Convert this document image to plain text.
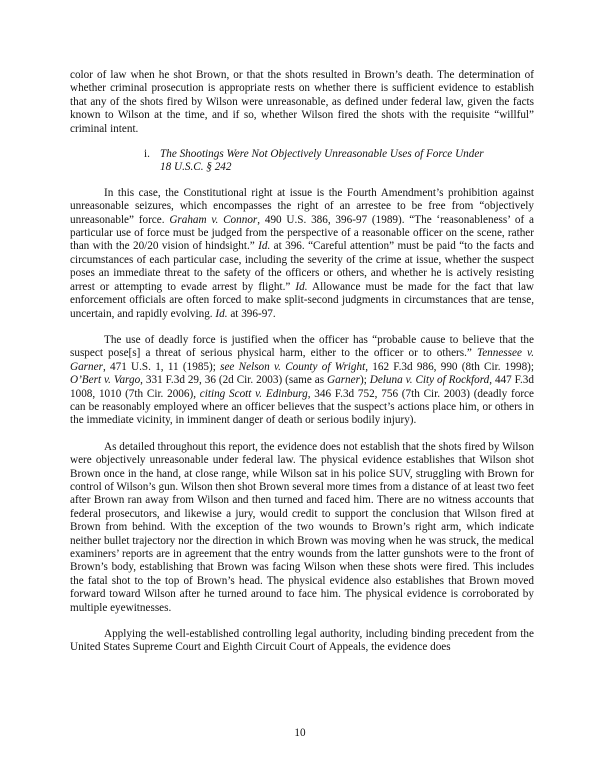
color of law when he shot Brown, or that the shots resulted in Brown’s death. The determination of whether criminal prosecution is appropriate rests on whether there is sufficient evidence to establish that any of the shots fired by Wilson were unreasonable, as defined under federal law, given the facts known to Wilson at the time, and if so, whether Wilson fired the shots with the requisite “willful” criminal intent.

i. The Shootings Were Not Objectively Unreasonable Uses of Force Under 18 U.S.C. § 242

In this case, the Constitutional right at issue is the Fourth Amendment’s prohibition against unreasonable seizures, which encompasses the right of an arrestee to be free from “objectively unreasonable” force. Graham v. Connor, 490 U.S. 386, 396-97 (1989). “The ‘reasonableness’ of a particular use of force must be judged from the perspective of a reasonable officer on the scene, rather than with the 20/20 vision of hindsight.” Id. at 396. “Careful attention” must be paid “to the facts and circumstances of each particular case, including the severity of the crime at issue, whether the suspect poses an immediate threat to the safety of the officers or others, and whether he is actively resisting arrest or attempting to evade arrest by flight.” Id. Allowance must be made for the fact that law enforcement officials are often forced to make split-second judgments in circumstances that are tense, uncertain, and rapidly evolving. Id. at 396-97.

The use of deadly force is justified when the officer has “probable cause to believe that the suspect pose[s] a threat of serious physical harm, either to the officer or to others.” Tennessee v. Garner, 471 U.S. 1, 11 (1985); see Nelson v. County of Wright, 162 F.3d 986, 990 (8th Cir. 1998); O’Bert v. Vargo, 331 F.3d 29, 36 (2d Cir. 2003) (same as Garner); Deluna v. City of Rockford, 447 F.3d 1008, 1010 (7th Cir. 2006), citing Scott v. Edinburg, 346 F.3d 752, 756 (7th Cir. 2003) (deadly force can be reasonably employed where an officer believes that the suspect’s actions place him, or others in the immediate vicinity, in imminent danger of death or serious bodily injury).

As detailed throughout this report, the evidence does not establish that the shots fired by Wilson were objectively unreasonable under federal law. The physical evidence establishes that Wilson shot Brown once in the hand, at close range, while Wilson sat in his police SUV, struggling with Brown for control of Wilson’s gun. Wilson then shot Brown several more times from a distance of at least two feet after Brown ran away from Wilson and then turned and faced him. There are no witness accounts that federal prosecutors, and likewise a jury, would credit to support the conclusion that Wilson fired at Brown from behind. With the exception of the two wounds to Brown’s right arm, which indicate neither bullet trajectory nor the direction in which Brown was moving when he was struck, the medical examiners’ reports are in agreement that the entry wounds from the latter gunshots were to the front of Brown’s body, establishing that Brown was facing Wilson when these shots were fired. This includes the fatal shot to the top of Brown’s head. The physical evidence also establishes that Brown moved forward toward Wilson after he turned around to face him. The physical evidence is corroborated by multiple eyewitnesses.

Applying the well-established controlling legal authority, including binding precedent from the United States Supreme Court and Eighth Circuit Court of Appeals, the evidence does

10
